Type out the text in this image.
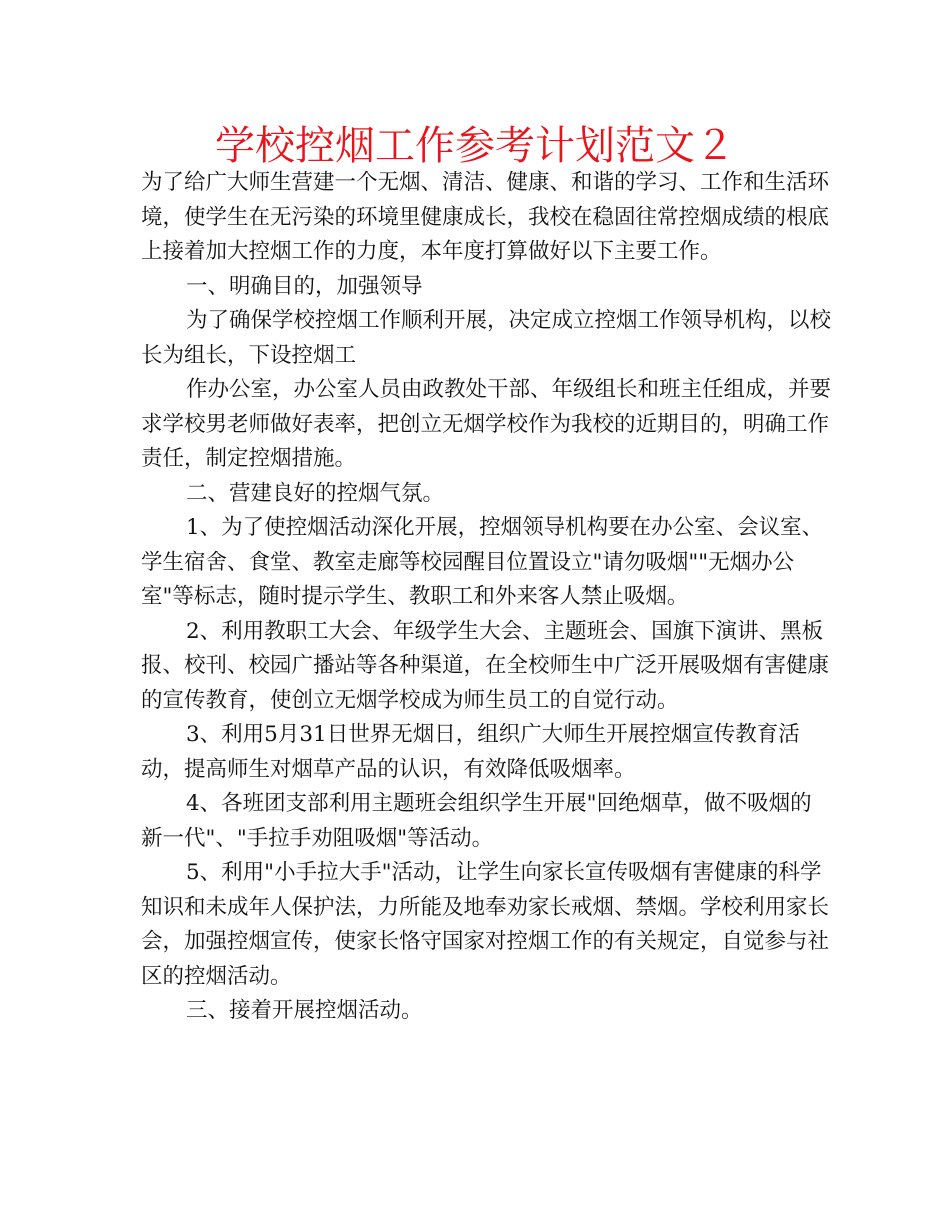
学校控烟工作参考计划范文２

为了给广大师生营建一个无烟、清洁、健康、和谐的学习、工作和生活环境，使学生在无污染的环境里健康成长，我校在稳固往常控烟成绩的根底上接着加大控烟工作的力度，本年度打算做好以下主要工作。

一、明确目的，加强领导

为了确保学校控烟工作顺利开展，决定成立控烟工作领导机构，以校长为组长，下设控烟工

作办公室，办公室人员由政教处干部、年级组长和班主任组成，并要求学校男老师做好表率，把创立无烟学校作为我校的近期目的，明确工作责任，制定控烟措施。

二、营建良好的控烟气氛。

1、为了使控烟活动深化开展，控烟领导机构要在办公室、会议室、学生宿舍、食堂、教室走廊等校园醒目位置设立"请勿吸烟""无烟办公室"等标志，随时提示学生、教职工和外来客人禁止吸烟。

2、利用教职工大会、年级学生大会、主题班会、国旗下演讲、黑板报、校刊、校园广播站等各种渠道，在全校师生中广泛开展吸烟有害健康的宣传教育，使创立无烟学校成为师生员工的自觉行动。

3、利用5月31日世界无烟日，组织广大师生开展控烟宣传教育活动，提高师生对烟草产品的认识，有效降低吸烟率。

4、各班团支部利用主题班会组织学生开展"回绝烟草，做不吸烟的新一代"、"手拉手劝阻吸烟"等活动。

5、利用"小手拉大手"活动，让学生向家长宣传吸烟有害健康的科学知识和未成年人保护法，力所能及地奉劝家长戒烟、禁烟。学校利用家长会，加强控烟宣传，使家长恪守国家对控烟工作的有关规定，自觉参与社区的控烟活动。

三、接着开展控烟活动。
